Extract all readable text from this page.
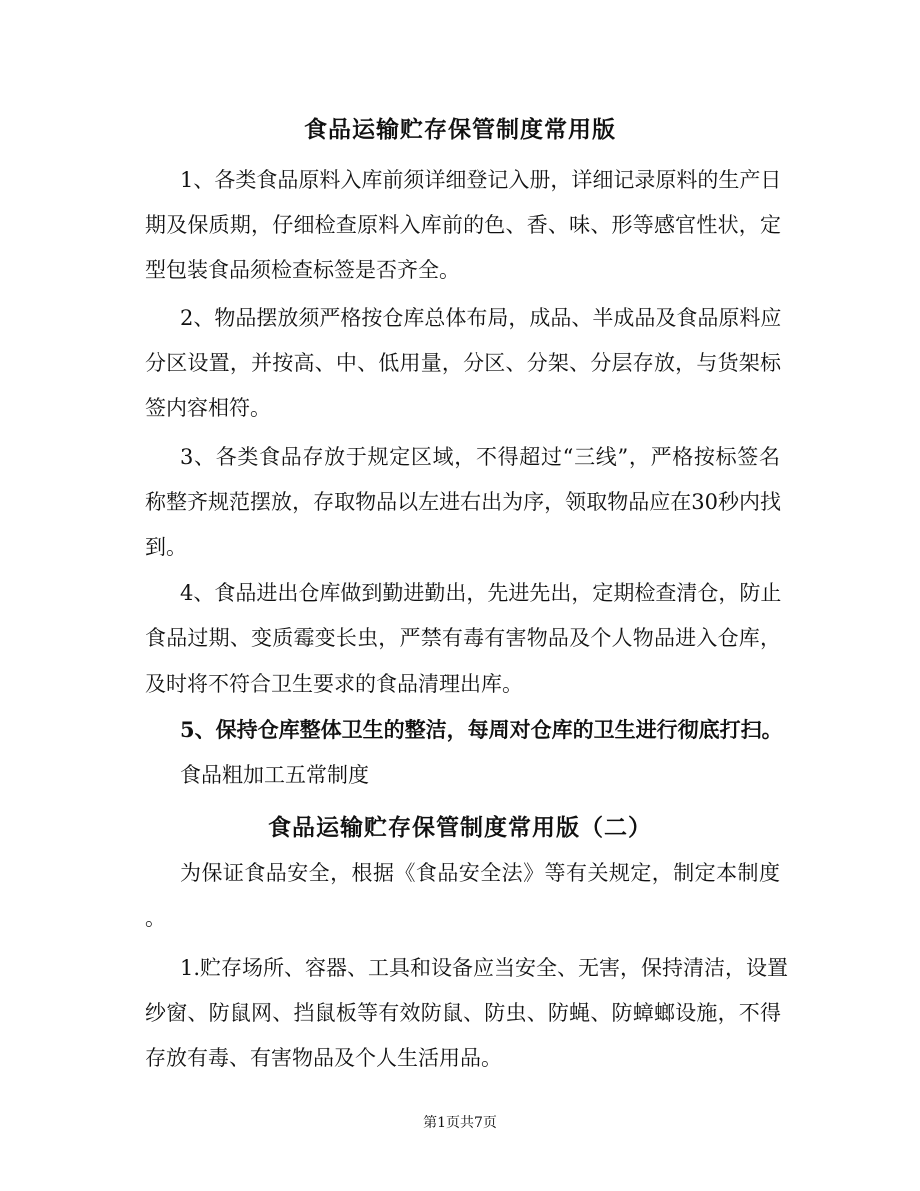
食品运输贮存保管制度常用版
1、各类食品原料入库前须详细登记入册，详细记录原料的生产日
期及保质期，仔细检查原料入库前的色、香、味、形等感官性状，定
型包装食品须检查标签是否齐全。
2、物品摆放须严格按仓库总体布局，成品、半成品及食品原料应
分区设置，并按高、中、低用量，分区、分架、分层存放，与货架标
签内容相符。
3、各类食品存放于规定区域，不得超过“三线”，严格按标签名
称整齐规范摆放，存取物品以左进右出为序，领取物品应在30秒内找
到。
4、食品进出仓库做到勤进勤出，先进先出，定期检查清仓，防止
食品过期、变质霉变长虫，严禁有毒有害物品及个人物品进入仓库，
及时将不符合卫生要求的食品清理出库。
5、保持仓库整体卫生的整洁，每周对仓库的卫生进行彻底打扫。
食品粗加工五常制度
食品运输贮存保管制度常用版（二）
为保证食品安全，根据《食品安全法》等有关规定，制定本制度
。
1.贮存场所、容器、工具和设备应当安全、无害，保持清洁，设置
纱窗、防鼠网、挡鼠板等有效防鼠、防虫、防蝇、防蟑螂设施，不得
存放有毒、有害物品及个人生活用品。
第1页共7页
